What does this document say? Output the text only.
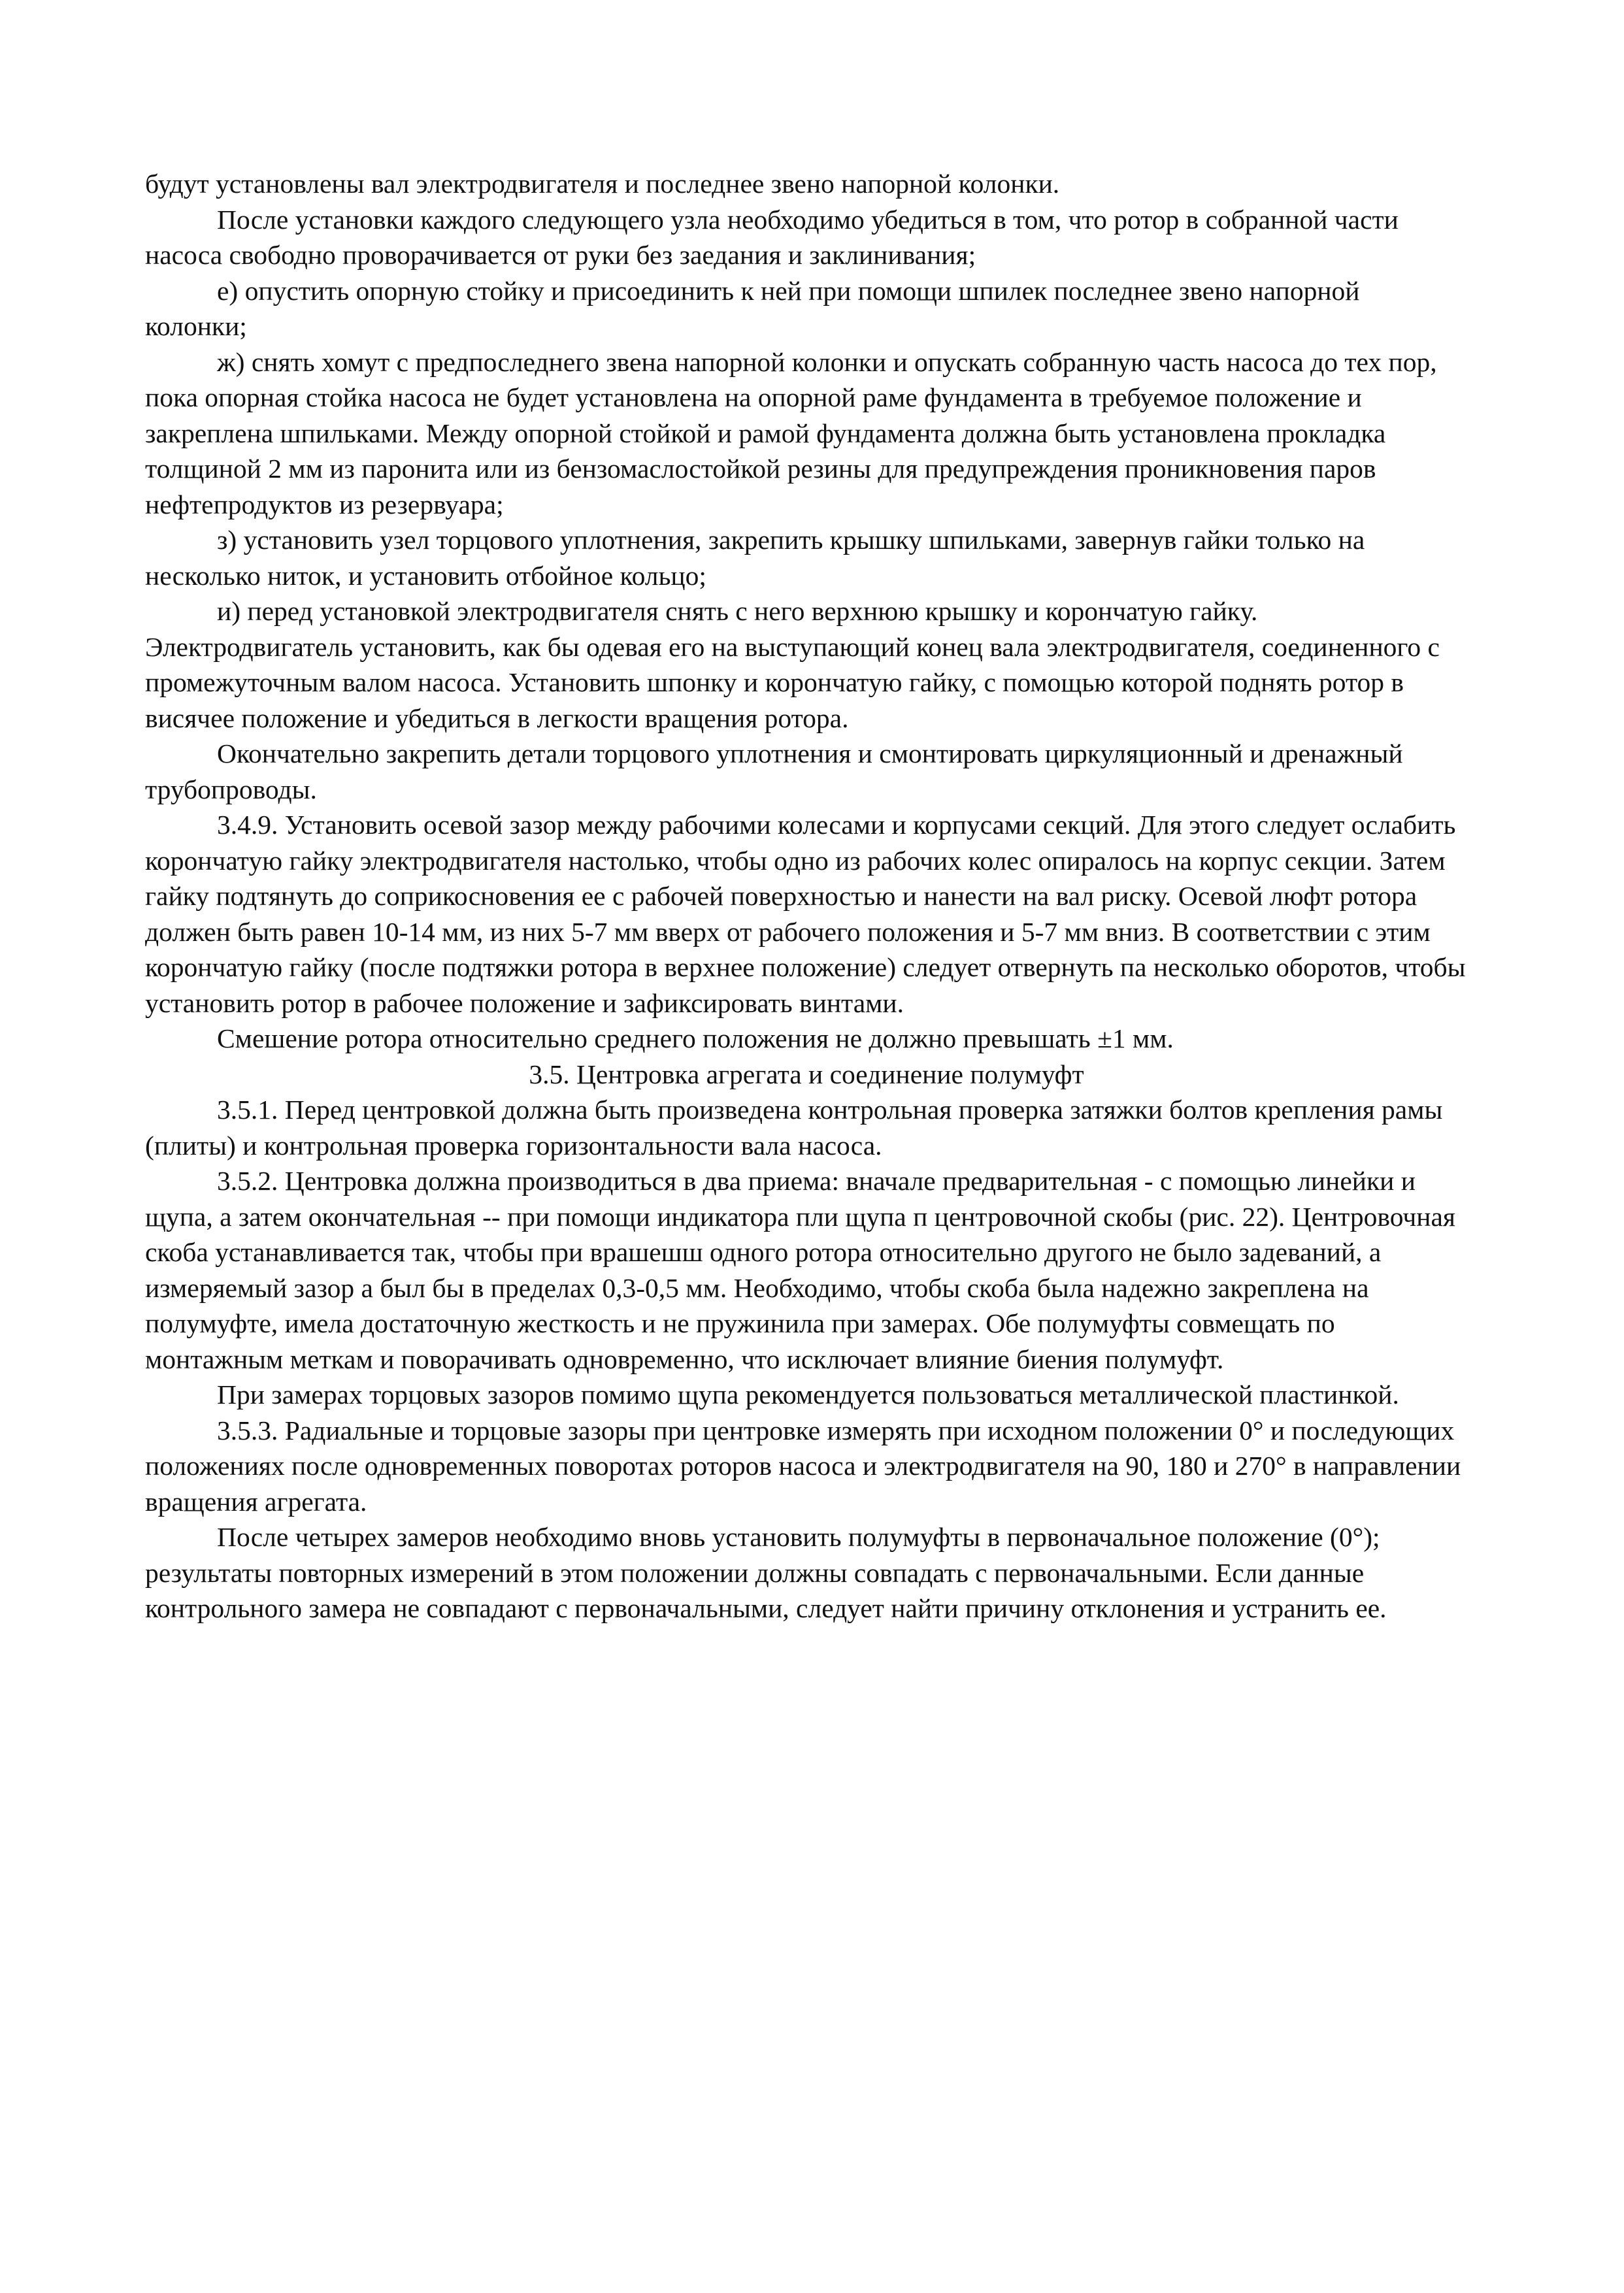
будут установлены вал электродвигателя и последнее звено напорной колонки.

После установки каждого следующего узла необходимо убедиться в том, что ротор в собранной части насоса свободно проворачивается от руки без заедания и заклинивания;

е) опустить опорную стойку и присоединить к ней при помощи шпилек последнее звено напорной колонки;

ж) снять хомут с предпоследнего звена напорной колонки и опускать собранную часть насоса до тех пор, пока опорная стойка насоса не будет установлена на опорной раме фундамента в требуемое положение и закреплена шпильками. Между опорной стойкой и рамой фундамента должна быть установлена прокладка толщиной 2 мм из паронита или из бензомаслостойкой резины для предупреждения проникновения паров нефтепродуктов из резервуара;

з) установить узел торцового уплотнения, закрепить крышку шпильками, завернув гайки только на несколько ниток, и установить отбойное кольцо;

и) перед установкой электродвигателя снять с него верхнюю крышку и корончатую гайку. Электродвигатель установить, как бы одевая его на выступающий конец вала электродвигателя, соединенного с промежуточным валом насоса. Установить шпонку и корончатую гайку, с помощью которой поднять ротор в висячее положение и убедиться в легкости вращения ротора.

Окончательно закрепить детали торцового уплотнения и смонтировать циркуляционный и дренажный трубопроводы.

3.4.9. Установить осевой зазор между рабочими колесами и корпусами секций. Для этого следует ослабить корончатую гайку электродвигателя настолько, чтобы одно из рабочих колес опиралось на корпус секции. Затем гайку подтянуть до соприкосновения ее с рабочей поверхностью и нанести на вал риску. Осевой люфт ротора должен быть равен 10-14 мм, из них 5-7 мм вверх от рабочего положения и 5-7 мм вниз. В соответствии с этим корончатую гайку (после подтяжки ротора в верхнее положение) следует отвернуть па несколько оборотов, чтобы установить ротор в рабочее положение и зафиксировать винтами.

Смешение ротора относительно среднего положения не должно превышать ±1 мм.

3.5. Центровка агрегата и соединение полумуфт

3.5.1. Перед центровкой должна быть произведена контрольная проверка затяжки болтов крепления рамы (плиты) и контрольная проверка горизонтальности вала насоса.

3.5.2. Центровка должна производиться в два приема: вначале предварительная - с помощью линейки и щупа, а затем окончательная -- при помощи индикатора пли щупа п центровочной скобы (рис. 22). Центровочная скоба устанавливается так, чтобы при врашешш одного ротора относительно другого не было задеваний, а измеряемый зазор а был бы в пределах 0,3-0,5 мм. Необходимо, чтобы скоба была надежно закреплена на полумуфте, имела достаточную жесткость и не пружинила при замерах. Обе полумуфты совмещать по монтажным меткам и поворачивать одновременно, что исключает влияние биения полумуфт.

При замерах торцовых зазоров помимо щупа рекомендуется пользоваться металлической пластинкой.

3.5.3. Радиальные и торцовые зазоры при центровке измерять при исходном положении 0° и последующих положениях после одновременных поворотах роторов насоса и электродвигателя на 90, 180 и 270° в направлении вращения агрегата.

После четырех замеров необходимо вновь установить полумуфты в первоначальное положение (0°); результаты повторных измерений в этом положении должны совпадать с первоначальными. Если данные контрольного замера не совпадают с первоначальными, следует найти причину отклонения и устранить ее.
